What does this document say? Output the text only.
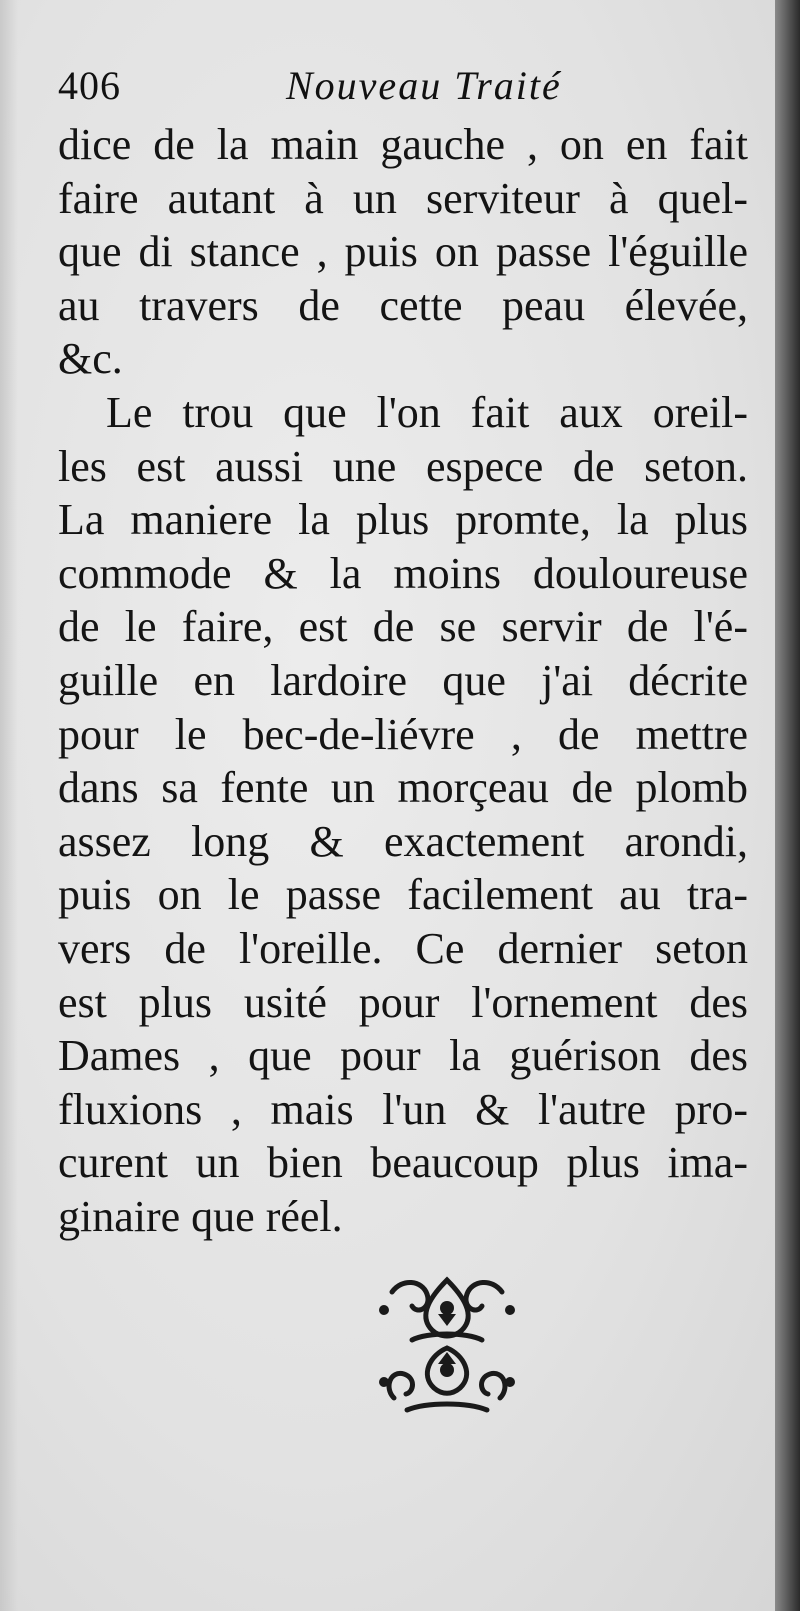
406	Nouveau Traité
dice de la main gauche , on en fait
faire autant à un serviteur à quel-
que di stance , puis on passe l'éguille
au travers de cette peau élevée,
&c.
Le trou que l'on fait aux oreil-
les est aussi une espece de seton.
La maniere la plus promte, la plus
commode & la moins douloureuse
de le faire, est de se servir de l'é-
guille en lardoire que j'ai décrite
pour le bec-de-liévre , de mettre
dans sa fente un morçeau de plomb
assez long & exactement arondi,
puis on le passe facilement au tra-
vers de l'oreille. Ce dernier seton
est plus usité pour l'ornement des
Dames , que pour la guérison des
fluxions , mais l'un & l'autre pro-
curent un bien beaucoup plus ima-
ginaire que réel.
